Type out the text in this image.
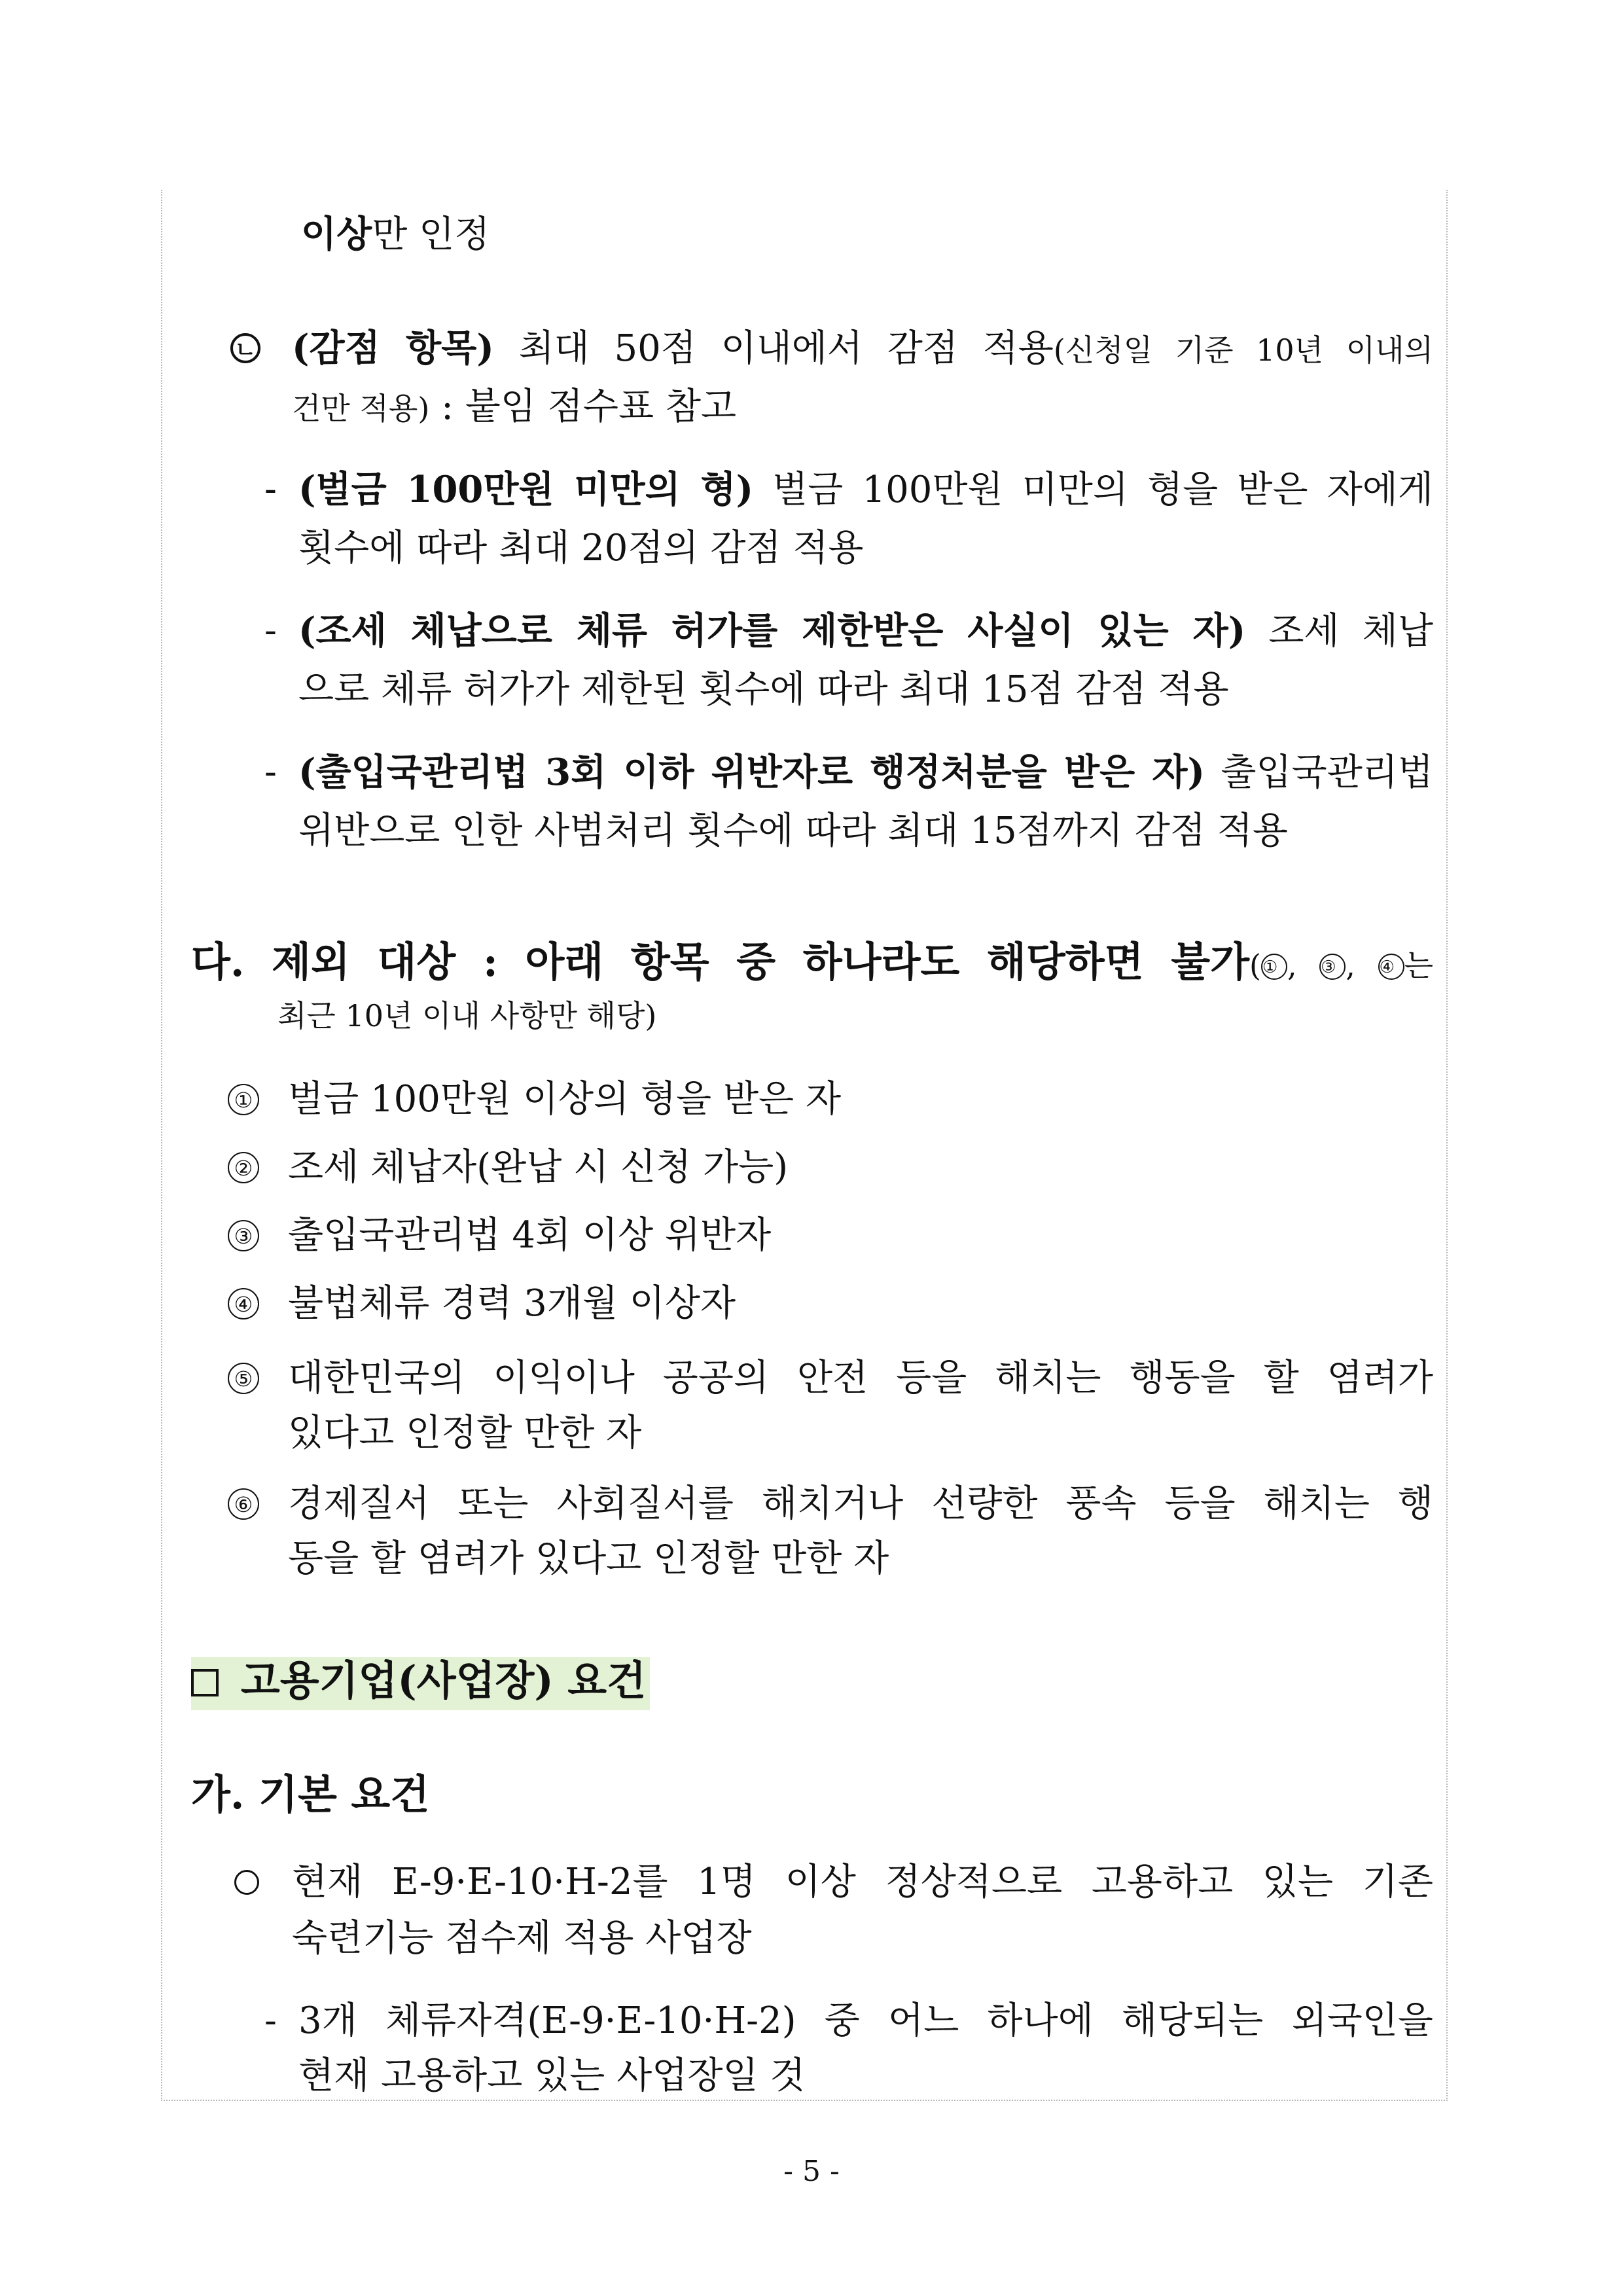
이상만 인정
ㄴ (감점 항목) 최대 50점 이내에서 감점 적용(신청일 기준 10년 이내의
건만 적용) : 붙임 점수표 참고
- (벌금 100만원 미만의 형) 벌금 100만원 미만의 형을 받은 자에게
횟수에 따라 최대 20점의 감점 적용
- (조세 체납으로 체류 허가를 제한받은 사실이 있는 자) 조세 체납
으로 체류 허가가 제한된 횟수에 따라 최대 15점 감점 적용
- (출입국관리법 3회 이하 위반자로 행정처분을 받은 자) 출입국관리법
위반으로 인한 사범처리 횟수에 따라 최대 15점까지 감점 적용
다. 제외 대상 : 아래 항목 중 하나라도 해당하면 불가(① , ③ , ④ 는
최근 10년 이내 사항만 해당)
① 벌금 100만원 이상의 형을 받은 자
② 조세 체납자(완납 시 신청 가능)
③ 출입국관리법 4회 이상 위반자
④ 불법체류 경력 3개월 이상자
⑤ 대한민국의 이익이나 공공의 안전 등을 해치는 행동을 할 염려가
있다고 인정할 만한 자
⑥ 경제질서 또는 사회질서를 해치거나 선량한 풍속 등을 해치는 행
동을 할 염려가 있다고 인정할 만한 자
고용기업(사업장) 요건
가. 기본 요건
현재 E-9·E-10·H-2를 1명 이상 정상적으로 고용하고 있는 기존
숙련기능 점수제 적용 사업장
- 3개 체류자격(E-9·E-10·H-2) 중 어느 하나에 해당되는 외국인을
현재 고용하고 있는 사업장일 것
- 5 -
